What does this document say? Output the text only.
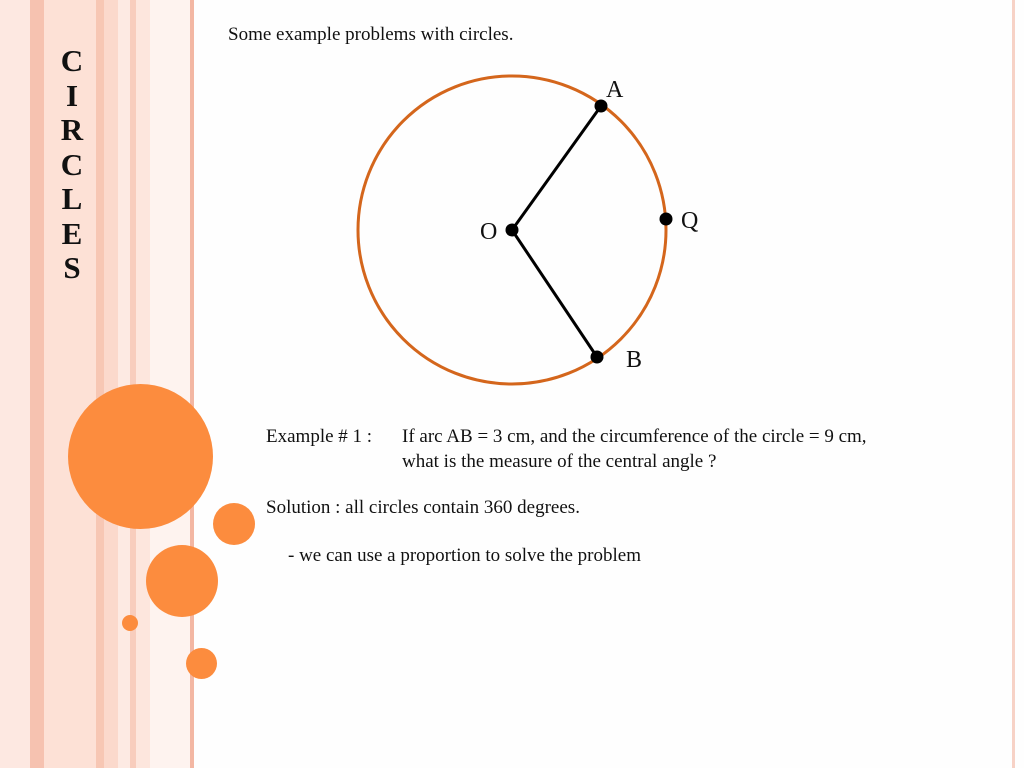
C
I
R
C
L
E
S
Some example problems with circles.
A
Q
O
B
Example # 1 : If arc AB = 3 cm, and the circumference of the circle = 9 cm,
what is the measure of the central angle ?
Solution : all circles contain 360 degrees.
- we can use a proportion to solve the problem
